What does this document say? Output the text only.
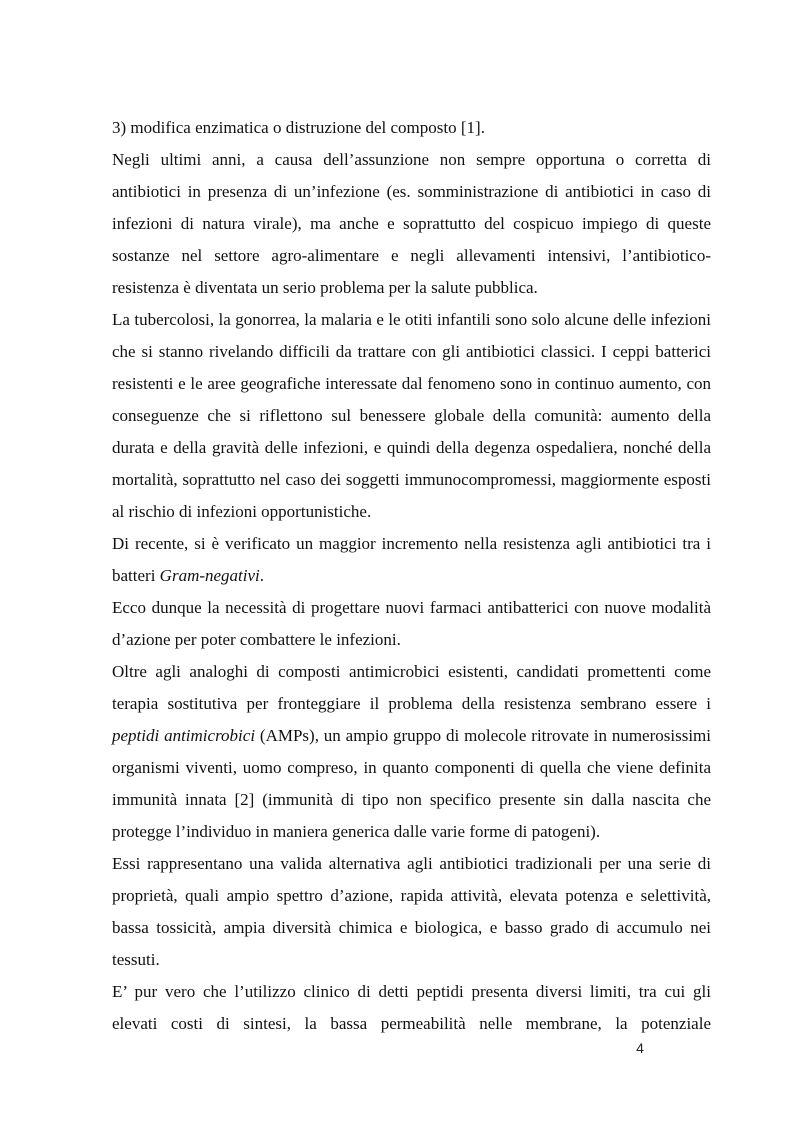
3) modifica enzimatica o distruzione del composto [1].

Negli ultimi anni, a causa dell’assunzione non sempre opportuna o corretta di antibiotici in presenza di un’infezione (es. somministrazione di antibiotici in caso di infezioni di natura virale), ma anche e soprattutto del cospicuo impiego di queste sostanze nel settore agro-alimentare e negli allevamenti intensivi, l’antibiotico-resistenza è diventata un serio problema per la salute pubblica.

La tubercolosi, la gonorrea, la malaria e le otiti infantili sono solo alcune delle infezioni che si stanno rivelando difficili da trattare con gli antibiotici classici. I ceppi batterici resistenti e le aree geografiche interessate dal fenomeno sono in continuo aumento, con conseguenze che si riflettono sul benessere globale della comunità: aumento della durata e della gravità delle infezioni, e quindi della degenza ospedaliera, nonché della mortalità, soprattutto nel caso dei soggetti immunocompromessi, maggiormente esposti al rischio di infezioni opportunistiche.

Di recente, si è verificato un maggior incremento nella resistenza agli antibiotici tra i batteri Gram-negativi.

Ecco dunque la necessità di progettare nuovi farmaci antibatterici con nuove modalità d’azione per poter combattere le infezioni.

Oltre agli analoghi di composti antimicrobici esistenti, candidati promettenti come terapia sostitutiva per fronteggiare il problema della resistenza sembrano essere i peptidi antimicrobici (AMPs), un ampio gruppo di molecole ritrovate in numerosissimi organismi viventi, uomo compreso, in quanto componenti di quella che viene definita immunità innata [2] (immunità di tipo non specifico presente sin dalla nascita che protegge l’individuo in maniera generica dalle varie forme di patogeni).

Essi rappresentano una valida alternativa agli antibiotici tradizionali per una serie di proprietà, quali ampio spettro d’azione, rapida attività, elevata potenza e selettività, bassa tossicità, ampia diversità chimica e biologica, e basso grado di accumulo nei tessuti.

E’ pur vero che l’utilizzo clinico di detti peptidi presenta diversi limiti, tra cui gli elevati costi di sintesi, la bassa permeabilità nelle membrane, la potenziale

4
